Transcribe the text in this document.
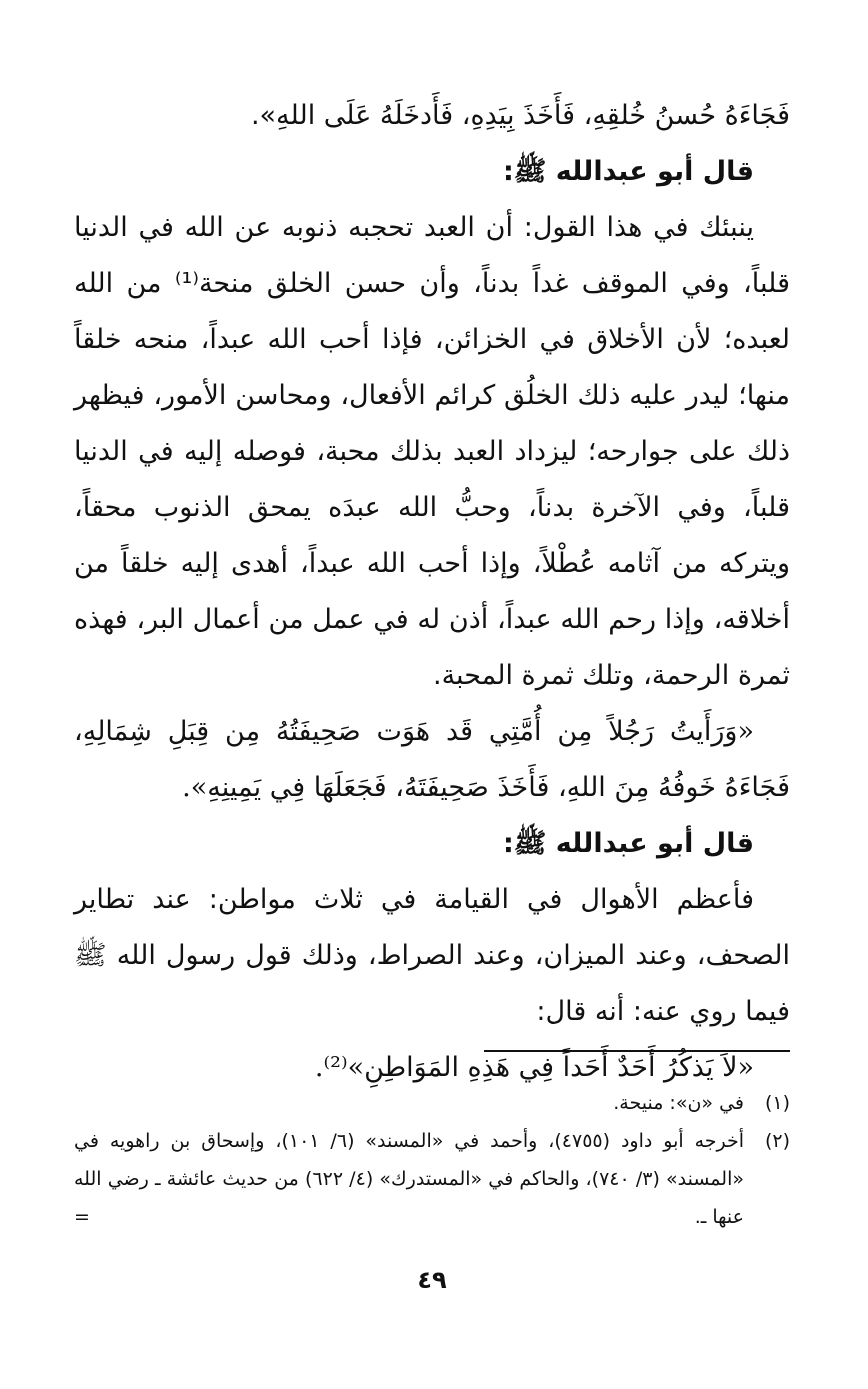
فَجَاءَهُ حُسنُ خُلقِهِ، فَأَخَذَ بِيَدِهِ، فَأَدخَلَهُ عَلَى اللهِ».

قال أبو عبدالله ﷺ:

ينبئك في هذا القول: أن العبد تحجبه ذنوبه عن الله في الدنيا قلباً، وفي الموقف غداً بدناً، وأن حسن الخلق منحة⁽¹⁾ من الله لعبده؛ لأن الأخلاق في الخزائن، فإذا أحب الله عبداً، منحه خلقاً منها؛ ليدر عليه ذلك الخلُق كرائم الأفعال، ومحاسن الأمور، فيظهر ذلك على جوارحه؛ ليزداد العبد بذلك محبة، فوصله إليه في الدنيا قلباً، وفي الآخرة بدناً، وحبُّ الله عبدَه يمحق الذنوب محقاً، ويتركه من آثامه عُطْلاً، وإذا أحب الله عبداً، أهدى إليه خلقاً من أخلاقه، وإذا رحم الله عبداً، أذن له في عمل من أعمال البر، فهذه ثمرة الرحمة، وتلك ثمرة المحبة.

«وَرَأَيتُ رَجُلاً مِن أُمَّتِي قَد هَوَت صَحِيفَتُهُ مِن قِبَلِ شِمَالِهِ، فَجَاءَهُ خَوفُهُ مِنَ اللهِ، فَأَخَذَ صَحِيفَتَهُ، فَجَعَلَهَا فِي يَمِينِهِ».

قال أبو عبدالله ﷺ:

فأعظم الأهوال في القيامة في ثلاث مواطن: عند تطاير الصحف، وعند الميزان، وعند الصراط، وذلك قول رسول الله ﷺ فيما روي عنه: أنه قال:

«لاَ يَذكُرُ أَحَدٌ أَحَداً فِي هَذِهِ المَوَاطِنِ»⁽²⁾.

(١)
في «ن»: منيحة.

(٢)
أخرجه أبو داود (٤٧٥٥)، وأحمد في «المسند» (٦/ ١٠١)، وإسحاق بن راهويه في «المسند» (٣/ ٧٤٠)، والحاكم في «المستدرك» (٤/ ٦٢٢) من حديث عائشة ـ رضي الله عنها ـ.

=
٤٩
